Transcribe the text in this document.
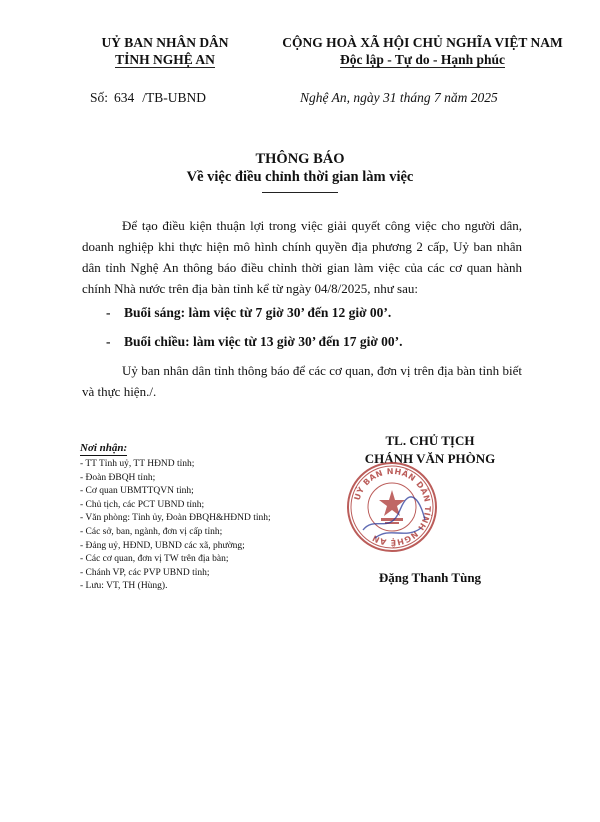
UỶ BAN NHÂN DÂN
TỈNH NGHỆ AN
CỘNG HOÀ XÃ HỘI CHỦ NGHĨA VIỆT NAM
Độc lập - Tự do - Hạnh phúc
Số: 634 /TB-UBND	Nghệ An, ngày 31 tháng 7 năm 2025
THÔNG BÁO
Về việc điều chỉnh thời gian làm việc
Để tạo điều kiện thuận lợi trong việc giải quyết công việc cho người dân, doanh nghiệp khi thực hiện mô hình chính quyền địa phương 2 cấp, Uỷ ban nhân dân tỉnh Nghệ An thông báo điều chỉnh thời gian làm việc của các cơ quan hành chính Nhà nước trên địa bàn tỉnh kể từ ngày 04/8/2025, như sau:
- Buổi sáng: làm việc từ 7 giờ 30’ đến 12 giờ 00’.
- Buổi chiều: làm việc từ 13 giờ 30’ đến 17 giờ 00’.
Uỷ ban nhân dân tỉnh thông báo để các cơ quan, đơn vị trên địa bàn tỉnh biết và thực hiện./.
Nơi nhận:
- TT Tỉnh uỷ, TT HĐND tỉnh;
- Đoàn ĐBQH tỉnh;
- Cơ quan UBMTTQVN tỉnh;
- Chủ tịch, các PCT UBND tỉnh;
- Văn phòng: Tỉnh ủy, Đoàn ĐBQH&HĐND tỉnh;
- Các sở, ban, ngành, đơn vị cấp tỉnh;
- Đảng uỷ, HĐND, UBND các xã, phường;
- Các cơ quan, đơn vị TW trên địa bàn;
- Chánh VP, các PVP UBND tỉnh;
- Lưu: VT, TH (Hùng).
TL. CHỦ TỊCH
CHÁNH VĂN PHÒNG
UỶ BAN NHÂN DÂN TỈNH NGHỆ AN
Đặng Thanh Tùng
